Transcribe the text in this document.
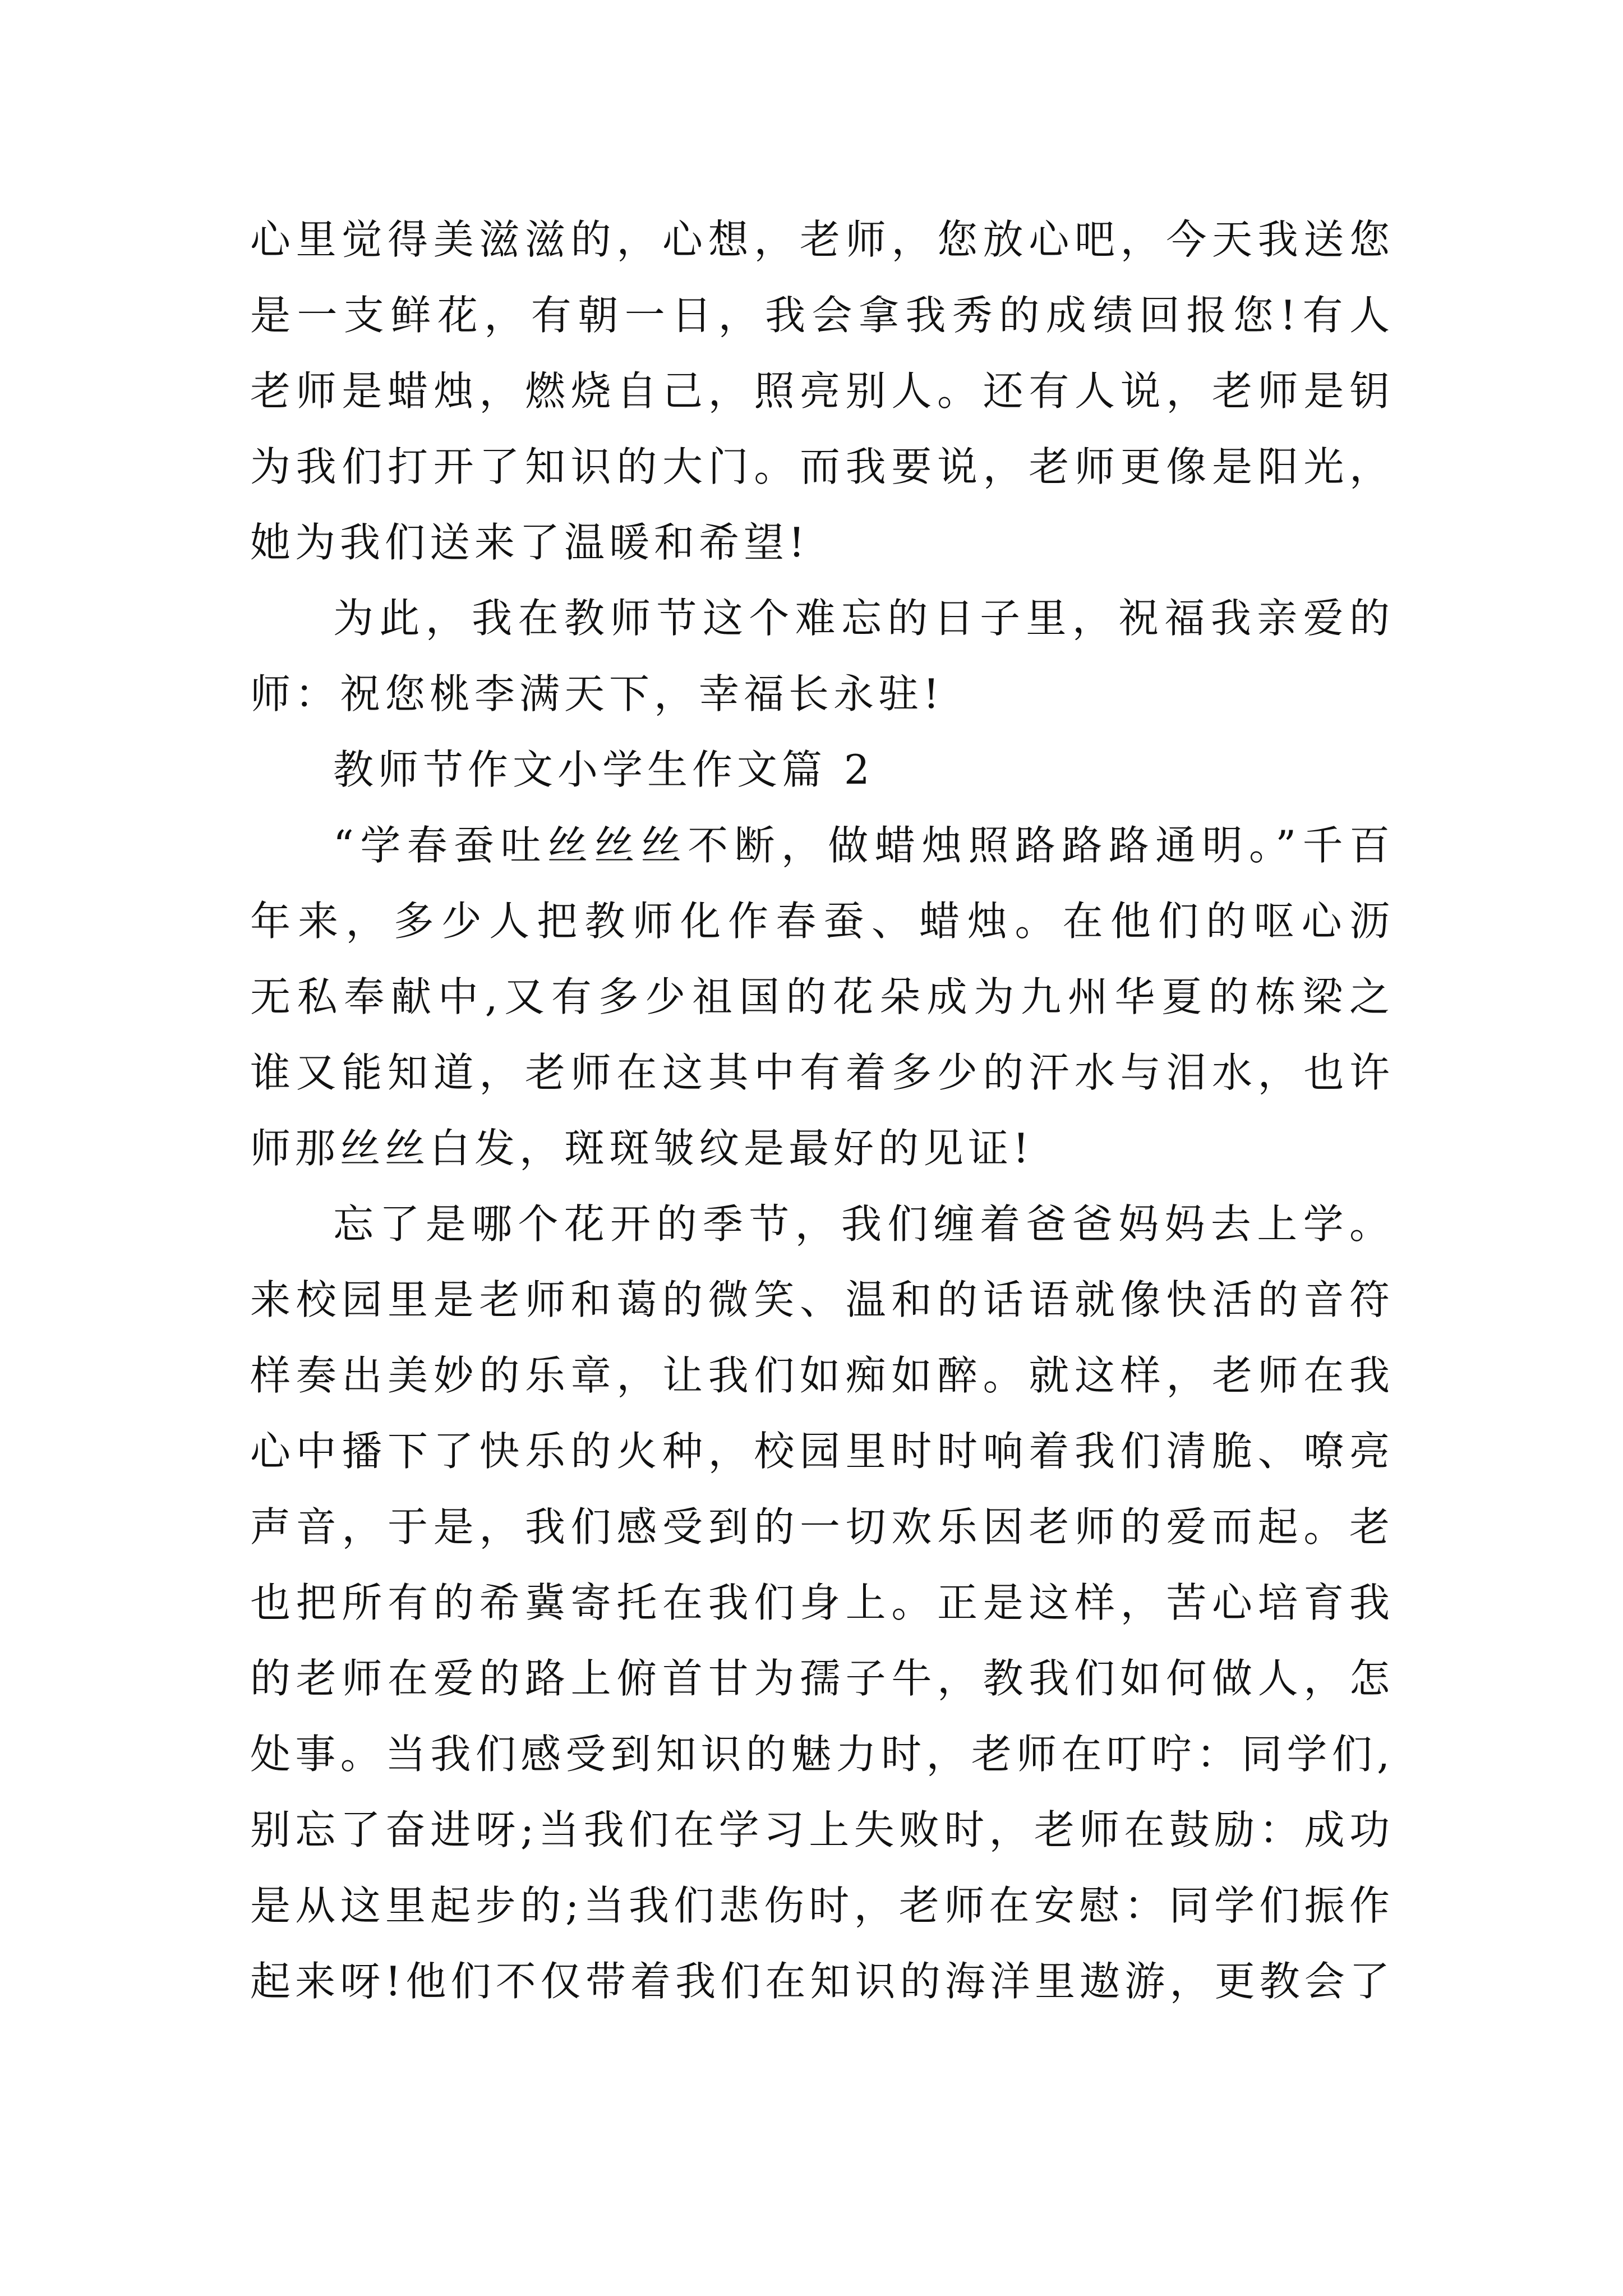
心里觉得美滋滋的，心想，老师，您放心吧，今天我送您
是一支鲜花，有朝一日，我会拿我秀的成绩回报您!有人
老师是蜡烛，燃烧自己，照亮别人。还有人说，老师是钥
为我们打开了知识的大门。而我要说，老师更像是阳光，
她为我们送来了温暖和希望!
为此，我在教师节这个难忘的日子里，祝福我亲爱的
师：祝您桃李满天下，幸福长永驻!
教师节作文小学生作文篇 2
“学春蚕吐丝丝丝不断，做蜡烛照路路路通明。”千百
年来，多少人把教师化作春蚕、蜡烛。在他们的呕心沥
无私奉献中,又有多少祖国的花朵成为九州华夏的栋梁之
谁又能知道，老师在这其中有着多少的汗水与泪水，也许
师那丝丝白发，斑斑皱纹是最好的见证!
忘了是哪个花开的季节，我们缠着爸爸妈妈去上学。
来校园里是老师和蔼的微笑、温和的话语就像快活的音符
样奏出美妙的乐章，让我们如痴如醉。就这样，老师在我
心中播下了快乐的火种，校园里时时响着我们清脆、嘹亮
声音，于是，我们感受到的一切欢乐因老师的爱而起。老
也把所有的希冀寄托在我们身上。正是这样，苦心培育我
的老师在爱的路上俯首甘为孺子牛，教我们如何做人，怎
处事。当我们感受到知识的魅力时，老师在叮咛：同学们,
别忘了奋进呀;当我们在学习上失败时，老师在鼓励：成功
是从这里起步的;当我们悲伤时，老师在安慰：同学们振作
起来呀!他们不仅带着我们在知识的海洋里遨游，更教会了
